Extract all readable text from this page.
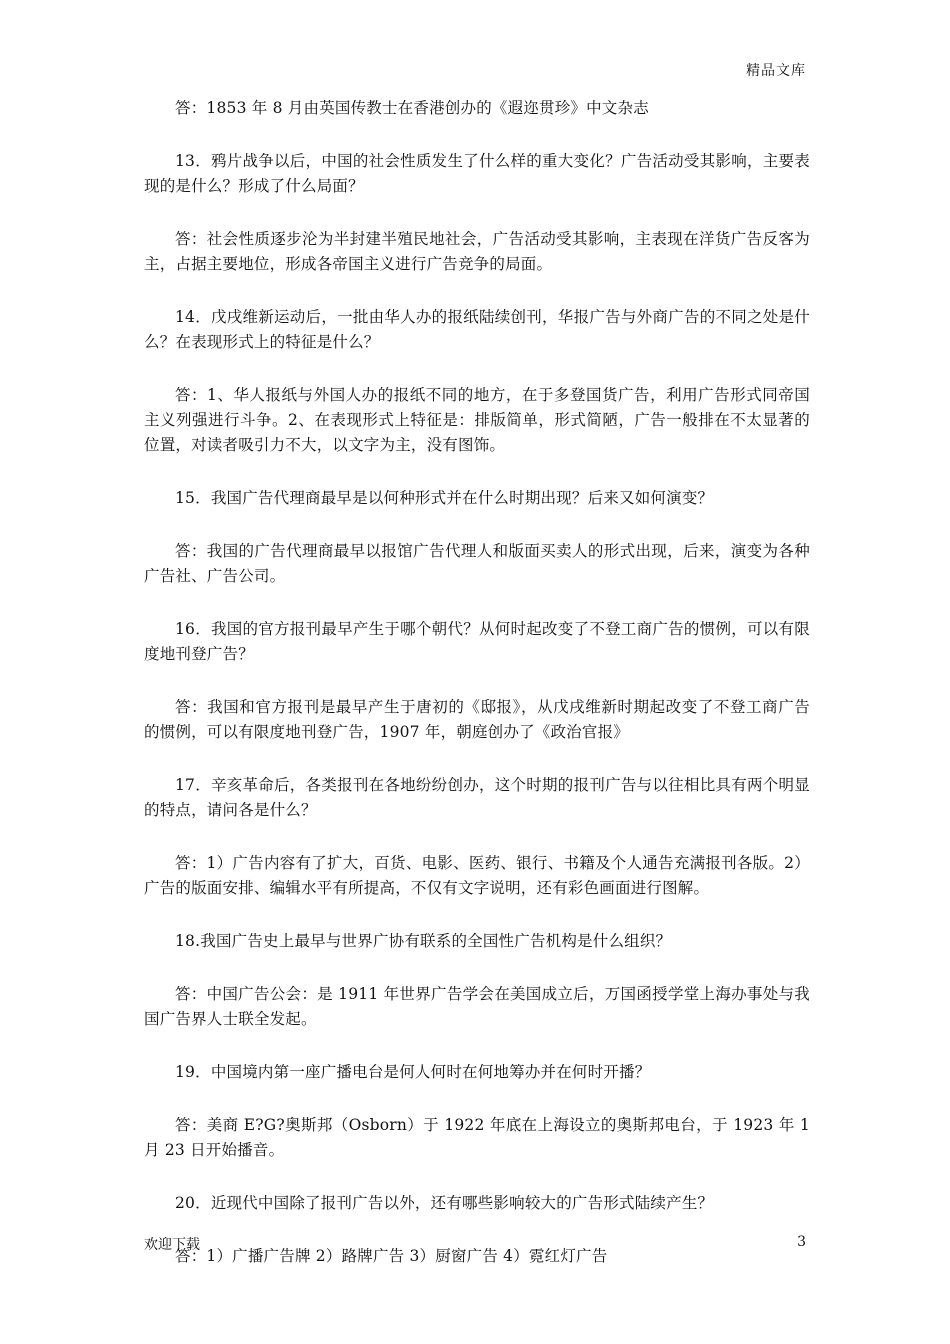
精品文库

答：1853 年 8 月由英国传教士在香港创办的《遐迩贯珍》中文杂志

13．鸦片战争以后，中国的社会性质发生了什么样的重大变化？广告活动受其影响，主要表现的是什么？形成了什么局面？

答：社会性质逐步沦为半封建半殖民地社会，广告活动受其影响，主表现在洋货广告反客为主，占据主要地位，形成各帝国主义进行广告竞争的局面。

14．戊戌维新运动后，一批由华人办的报纸陆续创刊，华报广告与外商广告的不同之处是什么？在表现形式上的特征是什么？

答：1、华人报纸与外国人办的报纸不同的地方，在于多登国货广告，利用广告形式同帝国主义列强进行斗争。2、在表现形式上特征是：排版简单，形式简陋，广告一般排在不太显著的位置，对读者吸引力不大，以文字为主，没有图饰。

15．我国广告代理商最早是以何种形式并在什么时期出现？后来又如何演变？

答：我国的广告代理商最早以报馆广告代理人和版面买卖人的形式出现，后来，演变为各种广告社、广告公司。

16．我国的官方报刊最早产生于哪个朝代？从何时起改变了不登工商广告的惯例，可以有限度地刊登广告？

答：我国和官方报刊是最早产生于唐初的《邸报》，从戊戌维新时期起改变了不登工商广告的惯例，可以有限度地刊登广告，1907 年，朝庭创办了《政治官报》

17．辛亥革命后，各类报刊在各地纷纷创办，这个时期的报刊广告与以往相比具有两个明显的特点，请问各是什么？

答：1）广告内容有了扩大，百货、电影、医药、银行、书籍及个人通告充满报刊各版。2）广告的版面安排、编辑水平有所提高，不仅有文字说明，还有彩色画面进行图解。

18.我国广告史上最早与世界广协有联系的全国性广告机构是什么组织？

答：中国广告公会：是 1911 年世界广告学会在美国成立后，万国函授学堂上海办事处与我国广告界人士联全发起。

19．中国境内第一座广播电台是何人何时在何地筹办并在何时开播？

答：美商 E?G?奥斯邦（Osborn）于 1922 年底在上海设立的奥斯邦电台，于 1923 年 1 月 23 日开始播音。

20．近现代中国除了报刊广告以外，还有哪些影响较大的广告形式陆续产生？

答：1）广播广告牌 2）路牌广告 3）厨窗广告 4）霓红灯广告

欢迎下载	3
